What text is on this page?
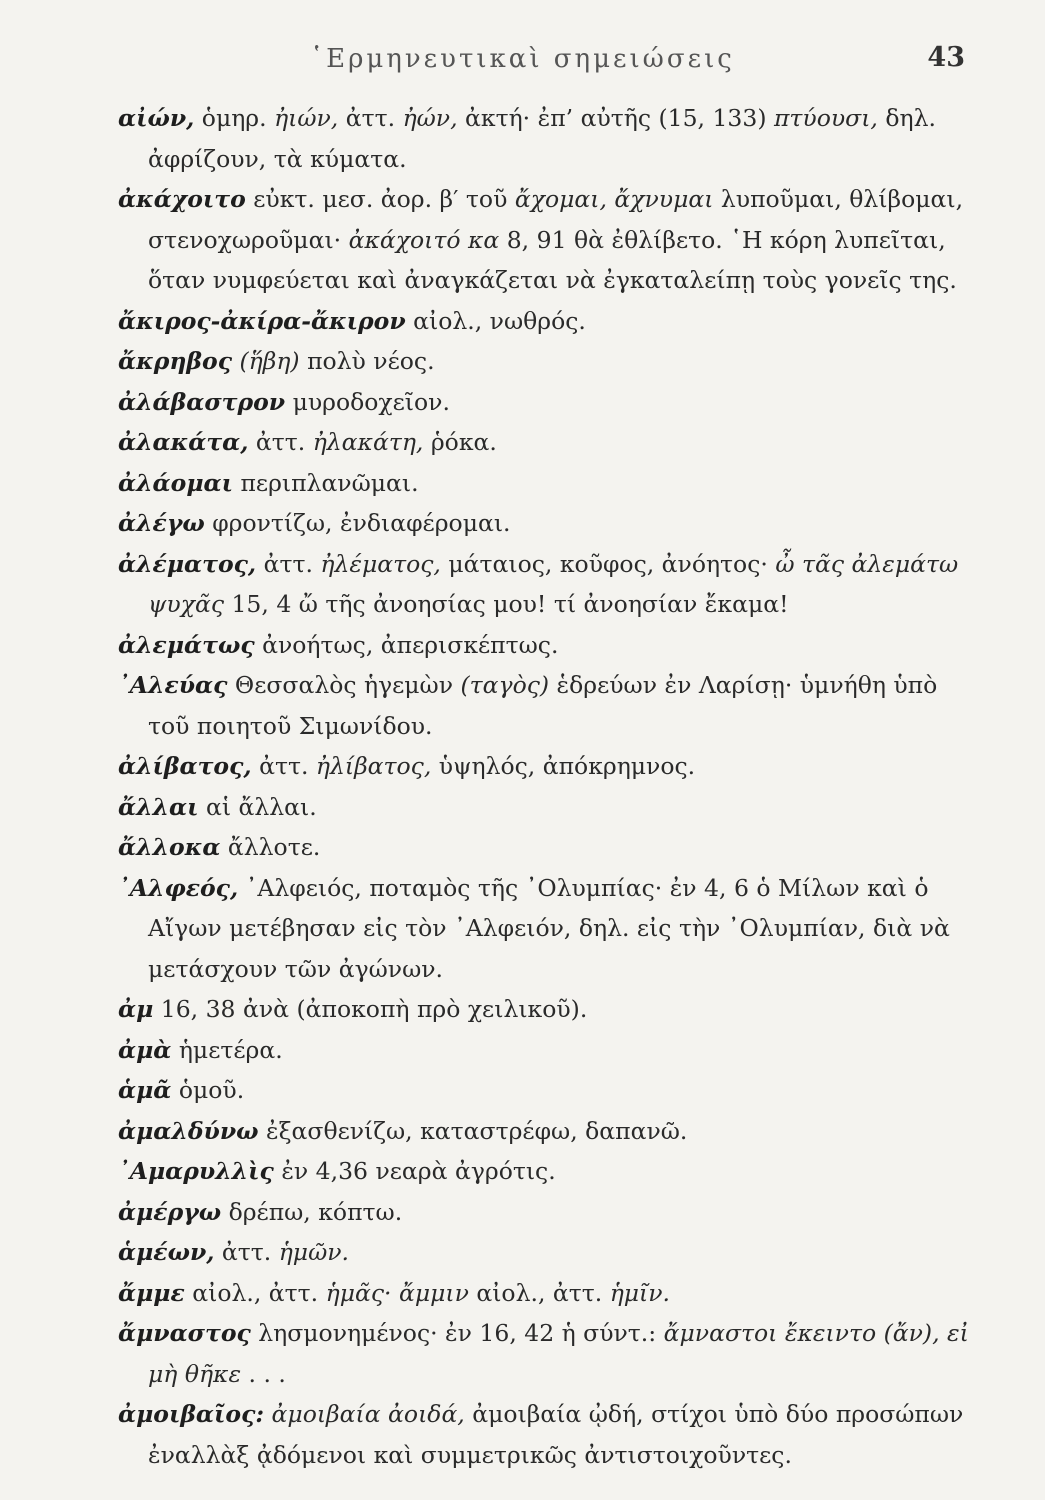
῾Ερμηνευτικαὶ σημειώσεις	43

αἰών, ὁμηρ. ἠιών, ἀττ. ἠών, ἀκτή· ἐπ’ αὐτῆς (15, 133) πτύουσι, δηλ. ἀφρίζουν, τὰ κύματα.

ἀκάχοιτο εὐκτ. μεσ. ἀορ. β′ τοῦ ἄχομαι, ἄχνυμαι λυποῦμαι, θλίβομαι, στενοχωροῦμαι· ἀκάχοιτό κα 8, 91 θὰ ἐθλίβετο. ῾Η κόρη λυπεῖται, ὅταν νυμφεύεται καὶ ἀναγκάζεται νὰ ἐγκαταλείπῃ τοὺς γονεῖς της.

ἄκιρος-ἀκίρα-ἄκιρον αἰολ., νωθρός.

ἄκρηβος (ἥβη) πολὺ νέος.

ἀλάβαστρον μυροδοχεῖον.

ἀλακάτα, ἀττ. ἠλακάτη, ῥόκα.

ἀλάομαι περιπλανῶμαι.

ἀλέγω φροντίζω, ἐνδιαφέρομαι.

ἀλέματος, ἀττ. ἠλέματος, μάταιος, κοῦφος, ἀνόητος· ὦ τᾶς ἀλεμάτω ψυχᾶς 15, 4 ὤ τῆς ἀνοησίας μου! τί ἀνοησίαν ἔκαμα!

ἀλεμάτως ἀνοήτως, ἀπερισκέπτως.

᾿Αλεύας Θεσσαλὸς ἡγεμὼν (ταγὸς) ἑδρεύων ἐν Λαρίσῃ· ὑμνήθη ὑπὸ τοῦ ποιητοῦ Σιμωνίδου.

ἀλίβατος, ἀττ. ἠλίβατος, ὑψηλός, ἀπόκρημνος.

ἄλλαι αἱ ἄλλαι.

ἄλλοκα ἄλλοτε.

᾿Αλφεός, ᾿Αλφειός, ποταμὸς τῆς ᾿Ολυμπίας· ἐν 4, 6 ὁ Μίλων καὶ ὁ Αἴγων μετέβησαν εἰς τὸν ᾿Αλφειόν, δηλ. εἰς τὴν ᾿Ολυμπίαν, διὰ νὰ μετάσχουν τῶν ἀγώνων.

ἀμ 16, 38 ἀνὰ (ἀποκοπὴ πρὸ χειλικοῦ).

ἀμὰ ἡμετέρα.

ἁμᾶ ὁμοῦ.

ἀμαλδύνω ἐξασθενίζω, καταστρέφω, δαπανῶ.

᾿Αμαρυλλὶς ἐν 4,36 νεαρὰ ἀγρότις.

ἀμέργω δρέπω, κόπτω.

ἁμέων, ἀττ. ἡμῶν.

ἄμμε αἰολ., ἀττ. ἡμᾶς· ἄμμιν αἰολ., ἀττ. ἡμῖν.

ἄμναστος λησμονημένος· ἐν 16, 42 ἡ σύντ.: ἄμναστοι ἔκειντο (ἄν), εἰ μὴ θῆκε . . .

ἀμοιβαῖος: ἀμοιβαία ἀοιδά, ἀμοιβαία ᾠδή, στίχοι ὑπὸ δύο προσώπων ἐναλλὰξ ᾀδόμενοι καὶ συμμετρικῶς ἀντιστοιχοῦντες.
